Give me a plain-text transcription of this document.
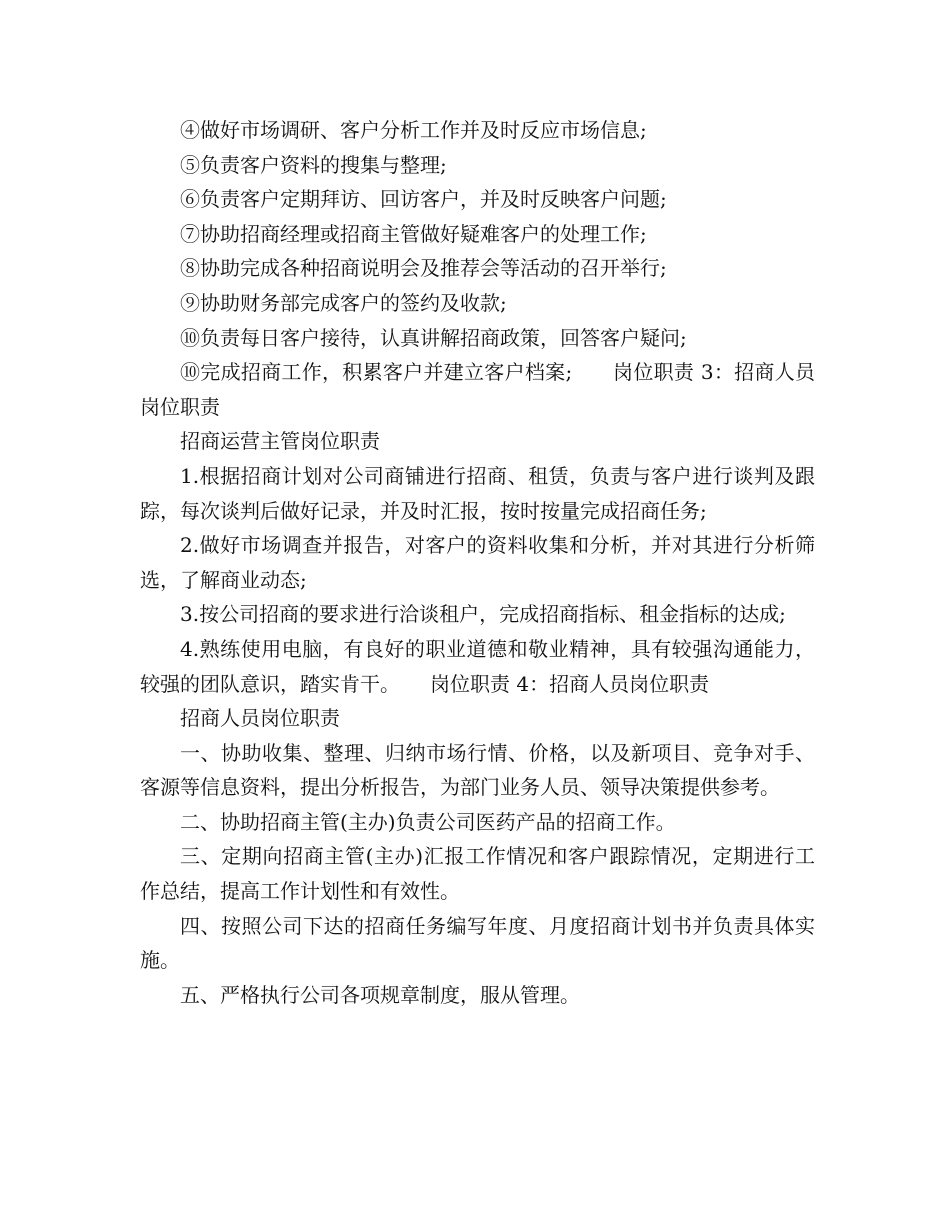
④做好市场调研、客户分析工作并及时反应市场信息;

⑤负责客户资料的搜集与整理;

⑥负责客户定期拜访、回访客户，并及时反映客户问题;

⑦协助招商经理或招商主管做好疑难客户的处理工作;

⑧协助完成各种招商说明会及推荐会等活动的召开举行;

⑨协助财务部完成客户的签约及收款;

⑩负责每日客户接待，认真讲解招商政策，回答客户疑问;

⑩完成招商工作，积累客户并建立客户档案;　　岗位职责 3：招商人员岗位职责

招商运营主管岗位职责

1.根据招商计划对公司商铺进行招商、租赁，负责与客户进行谈判及跟踪，每次谈判后做好记录，并及时汇报，按时按量完成招商任务;

2.做好市场调查并报告，对客户的资料收集和分析，并对其进行分析筛选，了解商业动态;

3.按公司招商的要求进行洽谈租户，完成招商指标、租金指标的达成;

4.熟练使用电脑，有良好的职业道德和敬业精神，具有较强沟通能力，较强的团队意识，踏实肯干。　　岗位职责 4：招商人员岗位职责

招商人员岗位职责

一、协助收集、整理、归纳市场行情、价格，以及新项目、竞争对手、客源等信息资料，提出分析报告，为部门业务人员、领导决策提供参考。

二、协助招商主管(主办)负责公司医药产品的招商工作。

三、定期向招商主管(主办)汇报工作情况和客户跟踪情况，定期进行工作总结，提高工作计划性和有效性。

四、按照公司下达的招商任务编写年度、月度招商计划书并负责具体实施。

五、严格执行公司各项规章制度，服从管理。
